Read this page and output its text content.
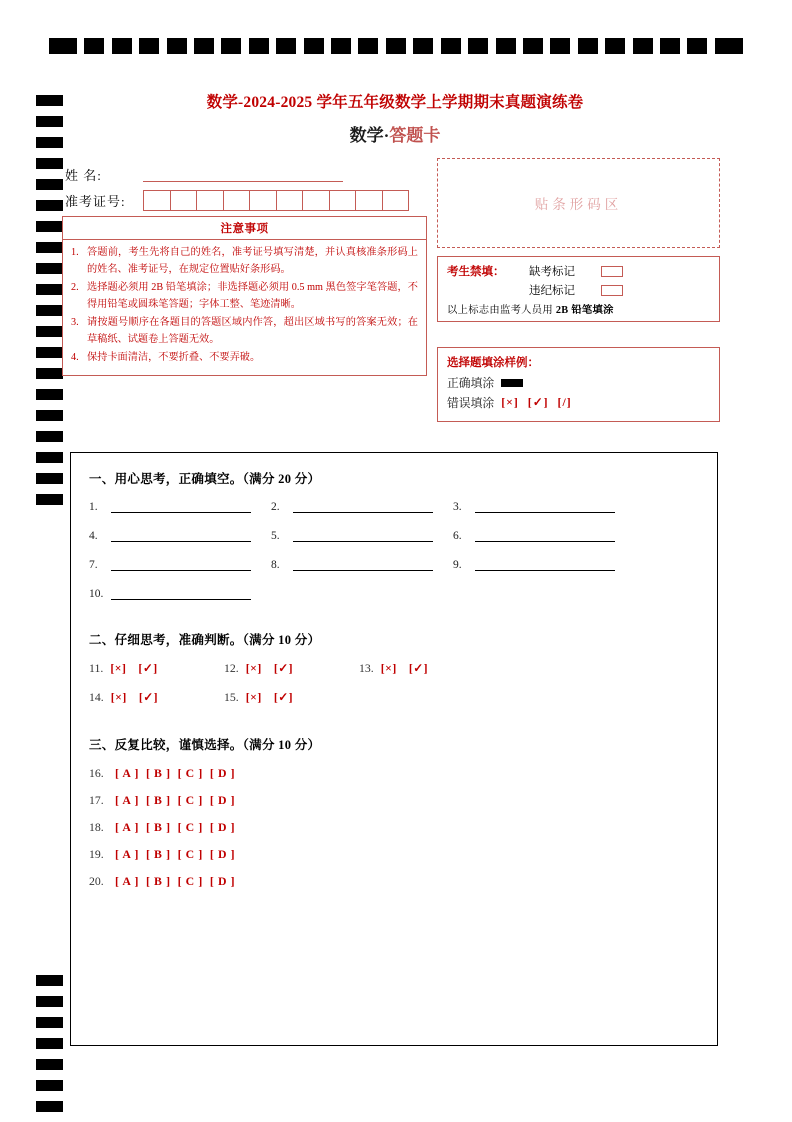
数学-2024-2025 学年五年级数学上学期期末真题演练卷
数学·答题卡
姓 名:
准考证号:
注意事项
1. 答题前，考生先将自己的姓名，准考证号填写清楚，并认真核准条形码上的姓名、准考证号，在规定位置贴好条形码。
2. 选择题必须用 2B 铅笔填涂；非选择题必须用 0.5 mm 黑色签字笔答题，不得用铅笔或圆珠笔答题；字体工整、笔迹清晰。
3. 请按题号顺序在各题目的答题区域内作答，超出区域书写的答案无效；在草稿纸、试题卷上答题无效。
4. 保持卡面清洁，不要折叠、不要弄破。
贴条形码区
考生禁填：	缺考标记
违纪标记
以上标志由监考人员用 2B 铅笔填涂
选择题填涂样例：
正确填涂
错误填涂 [×] [✓] [/]
一、用心思考，正确填空。（满分 20 分）
1.	2.	3.
4.	5.	6.
7.	8.	9.
10.
二、仔细思考，准确判断。（满分 10 分）
11. [×] [✓]	12. [×] [✓]	13. [×] [✓]
14. [×] [✓]	15. [×] [✓]
三、反复比较，谨慎选择。（满分 10 分）
16. [ A ] [ B ] [ C ] [ D ]
17. [ A ] [ B ] [ C ] [ D ]
18. [ A ] [ B ] [ C ] [ D ]
19. [ A ] [ B ] [ C ] [ D ]
20. [ A ] [ B ] [ C ] [ D ]
